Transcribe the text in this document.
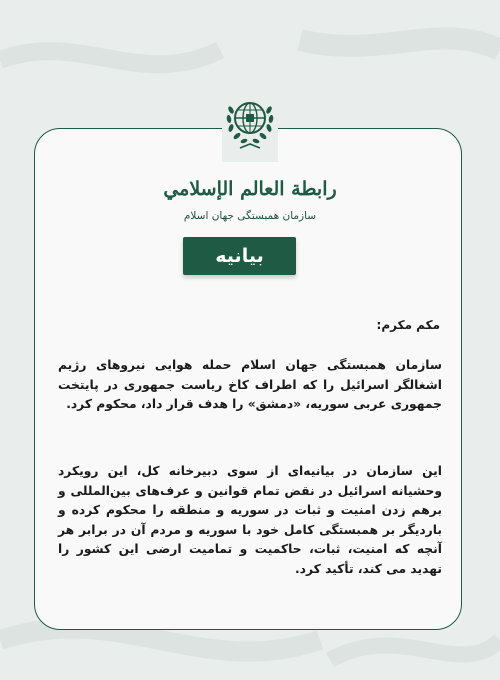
رابطة العالم الإسلامي
سازمان همبستگی جهان اسلام
بیانیه
مکم مکرم:
سازمان همبستگی جهان اسلام حمله هوایی نیروهای رژیم اشغالگر اسرائیل را که اطراف کاخ ریاست جمهوری در پایتخت جمهوری عربی سوریه، «دمشق» را هدف قرار داد، محکوم کرد.
این سازمان در بیانیه‌ای از سوی دبیرخانه کل، این رویکرد وحشیانه اسرائیل در نقض تمام قوانین و عرف‌های بین‌المللی و برهم زدن امنیت و ثبات در سوریه و منطقه را محکوم کرده و باردیگر بر همبستگی کامل خود با سوریه و مردم آن در برابر هر آنچه که امنیت، ثبات، حاکمیت و تمامیت ارضی این کشور را تهدید می کند، تأکید کرد.
